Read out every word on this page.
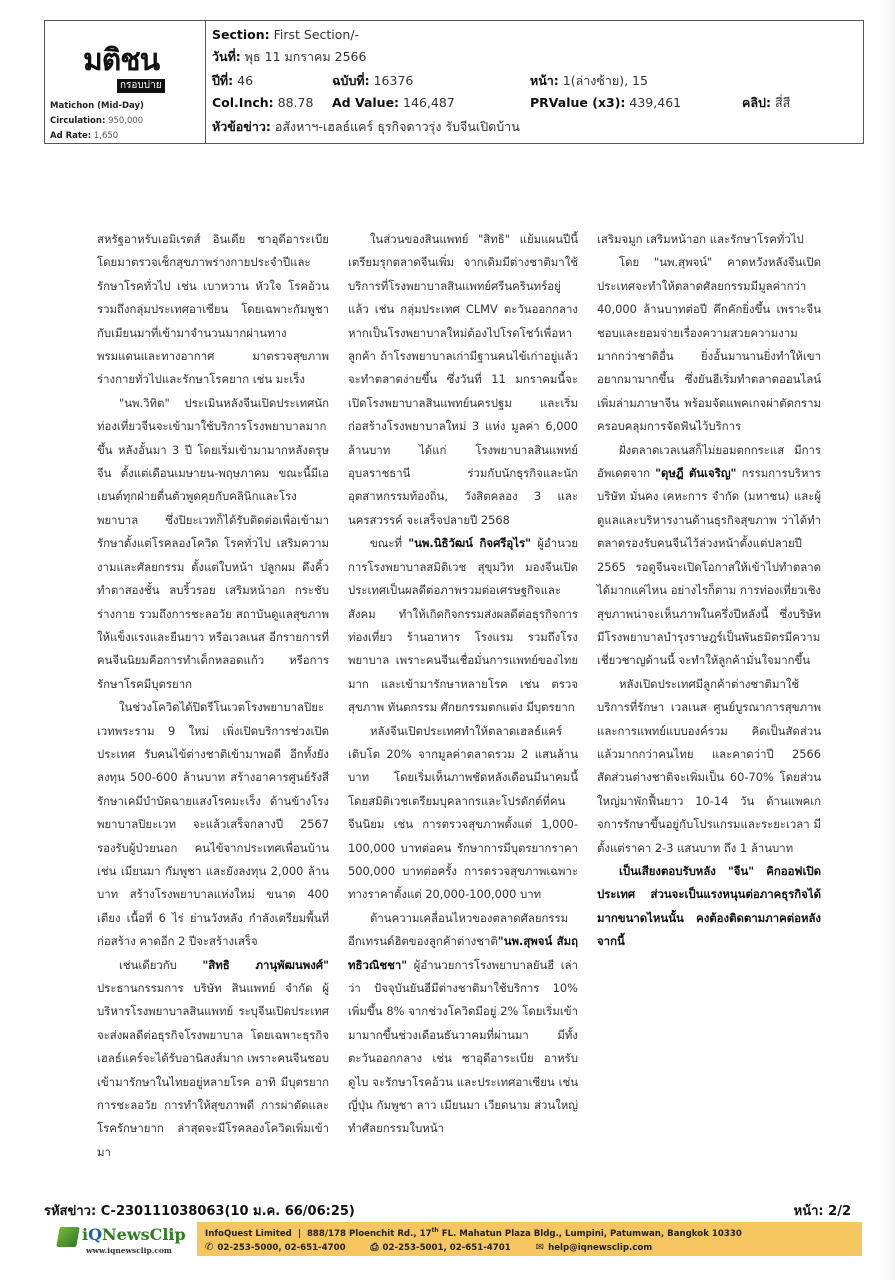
มติชน
กรอบบ่าย
Matichon (Mid-Day)
Circulation: 950,000
Ad Rate: 1,650
Section: First Section/-
วันที่: พุธ 11 มกราคม 2566
ปีที่: 46	ฉบับที่: 16376	หน้า: 1(ล่างซ้าย), 15
Col.Inch: 88.78 Ad Value: 146,487	PRValue (x3): 439,461	คลิป: สี่สี
หัวข้อข่าว: อสังหาฯ-เฮลธ์แคร์ ธุรกิจดาวรุ่ง รับจีนเปิดบ้าน

สหรัฐอาหรับเอมิเรตส์ อินเดีย ซาอุดีอาระเบีย โดยมาตรวจเช็กสุขภาพร่างกายประจำปีและรักษาโรคทั่วไป เช่น เบาหวาน หัวใจ โรคอ้วน รวมถึงกลุ่มประเทศอาเซียน โดยเฉพาะกัมพูชากับเมียนมาที่เข้ามาจำนวนมากผ่านทางพรมแดนและทางอากาศ มาตรวจสุขภาพร่างกายทั่วไปและรักษาโรคยาก เช่น มะเร็ง

"นพ.วิทิต" ประเมินหลังจีนเปิดประเทศนักท่องเที่ยวจีนจะเข้ามาใช้บริการโรงพยาบาลมากขึ้น หลังอั้นมา 3 ปี โดยเริ่มเข้ามามากหลังตรุษจีน ตั้งแต่เดือนเมษายน-พฤษภาคม ขณะนี้มีเอเยนต์ทุกฝ่ายตื่นตัวพูดคุยกับคลินิกและโรงพยาบาล ซึ่งปิยะเวทก็ได้รับติดต่อเพื่อเข้ามารักษาตั้งแต่โรคลองโควิด โรคทั่วไป เสริมความงามและศัลยกรรม ตั้งแต่ใบหน้า ปลูกผม ดึงคิ้ว ทำตาสองชั้น ลบริ้วรอย เสริมหน้าอก กระชับร่างกาย รวมถึงการชะลอวัย สถาบันดูแลสุขภาพให้แข็งแรงและยืนยาว หรือเวลเนส อีกรายการที่คนจีนนิยมคือการทำเด็กหลอดแก้ว หรือการรักษาโรคมีบุตรยาก

ในช่วงโควิดได้ปิดรีโนเวตโรงพยาบาลปิยะเวทพระราม 9 ใหม่ เพิ่งเปิดบริการช่วงเปิดประเทศ รับคนไข้ต่างชาติเข้ามาพอดี อีกทั้งยังลงทุน 500-600 ล้านบาท สร้างอาคารศูนย์รังสีรักษาเคมีบำบัดฉายแสงโรคมะเร็ง ด้านข้างโรงพยาบาลปิยะเวท จะแล้วเสร็จกลางปี 2567 รองรับผู้ป่วยนอก คนไข้จากประเทศเพื่อนบ้าน เช่น เมียนมา กัมพูชา และยังลงทุน 2,000 ล้านบาท สร้างโรงพยาบาลแห่งใหม่ ขนาด 400 เตียง เนื้อที่ 6 ไร่ ย่านวังหลัง กำลังเตรียมพื้นที่ก่อสร้าง คาดอีก 2 ปีจะสร้างเสร็จ

เช่นเดียวกับ "สิทธิ ภานุพัฒนพงศ์" ประธานกรรมการ บริษัท สินแพทย์ จำกัด ผู้บริหารโรงพยาบาลสินแพทย์ ระบุจีนเปิดประเทศจะส่งผลดีต่อธุรกิจโรงพยาบาล โดยเฉพาะธุรกิจเฮลธ์แคร์จะได้รับอานิสงส์มาก เพราะคนจีนชอบเข้ามารักษาในไทยอยู่หลายโรค อาทิ มีบุตรยาก การชะลอวัย การทำให้สุขภาพดี การผ่าตัดและโรครักษายาก ล่าสุดจะมีโรคลองโควิดเพิ่มเข้ามา

ในส่วนของสินแพทย์ "สิทธิ" แย้มแผนปีนี้เตรียมรุกตลาดจีนเพิ่ม จากเดิมมีต่างชาติมาใช้บริการที่โรงพยาบาลสินแพทย์ศรีนครินทร์อยู่แล้ว เช่น กลุ่มประเทศ CLMV ตะวันออกกลาง หากเป็นโรงพยาบาลใหม่ต้องไปโรดโชว์เพื่อหาลูกค้า ถ้าโรงพยาบาลเก่ามีฐานคนไข้เก่าอยู่แล้วจะทำตลาดง่ายขึ้น ซึ่งวันที่ 11 มกราคมนี้จะเปิดโรงพยาบาลสินแพทย์นครปฐม และเริ่มก่อสร้างโรงพยาบาลใหม่ 3 แห่ง มูลค่า 6,000 ล้านบาท ได้แก่ โรงพยาบาลสินแพทย์อุบลราชธานี ร่วมกับนักธุรกิจและนักอุตสาหกรรมท้องถิ่น, วังสิตคลอง 3 และนครสวรรค์ จะเสร็จปลายปี 2568

ขณะที่ "นพ.นิธิวัฒน์ กิจศรีอุไร" ผู้อำนวยการโรงพยาบาลสมิติเวช สุขุมวิท มองจีนเปิดประเทศเป็นผลดีต่อภาพรวมต่อเศรษฐกิจและสังคม ทำให้เกิดกิจกรรมส่งผลดีต่อธุรกิจการท่องเที่ยว ร้านอาหาร โรงแรม รวมถึงโรงพยาบาล เพราะคนจีนเชื่อมั่นการแพทย์ของไทยมาก และเข้ามารักษาหลายโรค เช่น ตรวจสุขภาพ ทันตกรรม ศักยกรรมตกแต่ง มีบุตรยาก

หลังจีนเปิดประเทศทำให้ตลาดเฮลธ์แคร์เติบโต 20% จากมูลค่าตลาดรวม 2 แสนล้านบาท โดยเริ่มเห็นภาพชัดหลังเดือนมีนาคมนี้ โดยสมิติเวชเตรียมบุคลากรและโปรดักต์ที่คนจีนนิยม เช่น การตรวจสุขภาพตั้งแต่ 1,000-100,000 บาทต่อคน รักษาการมีบุตรยากราคา 500,000 บาทต่อครั้ง การตรวจสุขภาพเฉพาะทางราคาตั้งแต่ 20,000-100,000 บาท

ด้านความเคลื่อนไหวของตลาดศัลยกรรมอีกเทรนด์ฮิตของลูกค้าต่างชาติ"นพ.สุพจน์ สัมฤทธิวณิชชา" ผู้อำนวยการโรงพยาบาลยันฮี เล่าว่า ปัจจุบันยันฮีมีต่างชาติมาใช้บริการ 10% เพิ่มขึ้น 8% จากช่วงโควิดมีอยู่ 2% โดยเริ่มเข้ามามากขึ้นช่วงเดือนธันวาคมที่ผ่านมา มีทั้งตะวันออกกลาง เช่น ซาอุดีอาระเบีย อาหรับ ดูไบ จะรักษาโรคอ้วน และประเทศอาเซียน เช่น ญี่ปุ่น กัมพูชา ลาว เมียนมา เวียดนาม ส่วนใหญ่ทำศัลยกรรมใบหน้า

เสริมจมูก เสริมหน้าอก และรักษาโรคทั่วไป

โดย "นพ.สุพจน์" คาดหวังหลังจีนเปิดประเทศจะทำให้ตลาดศัลยกรรมมีมูลค่ากว่า 40,000 ล้านบาทต่อปี คึกคักยิ่งขึ้น เพราะจีนชอบและยอมจ่ายเรื่องความสวยความงามมากกว่าชาติอื่น ยิ่งอั้นมานานยิ่งทำให้เขาอยากมามากขึ้น ซึ่งยันฮีเริ่มทำตลาดออนไลน์ เพิ่มล่ามภาษาจีน พร้อมจัดแพคเกจผ่าตัดกรามครอบคลุมการจัดฟันไว้บริการ

ฝั่งตลาดเวลเนสก็ไม่ยอมตกกระแส มีการอัพเดตจาก "ดุษฎี ตันเจริญ" กรรมการบริหาร บริษัท มั่นคง เคหะการ จำกัด (มหาชน) และผู้ดูแลและบริหารงานด้านธุรกิจสุขภาพ ว่าได้ทำตลาดรองรับคนจีนไว้ล่วงหน้าตั้งแต่ปลายปี 2565 รอดูจีนจะเปิดโอกาสให้เข้าไปทำตลาดได้มากแค่ไหน อย่างไรก็ตาม การท่องเที่ยวเชิงสุขภาพน่าจะเห็นภาพในครึ่งปีหลังนี้ ซึ่งบริษัทมีโรงพยาบาลบำรุงราษฎร์เป็นพันธมิตรมีความเชี่ยวชาญด้านนี้ จะทำให้ลูกค้ามั่นใจมากขึ้น

หลังเปิดประเทศมีลูกค้าต่างชาติมาใช้บริการที่รักษา เวลเนส ศูนย์บูรณาการสุขภาพและการแพทย์แบบองค์รวม คิดเป็นสัดส่วนแล้วมากกว่าคนไทย และคาดว่าปี 2566 สัดส่วนต่างชาติจะเพิ่มเป็น 60-70% โดยส่วนใหญ่มาพักฟื้นยาว 10-14 วัน ด้านแพคเกจการรักษาขึ้นอยู่กับโปรแกรมและระยะเวลา มีตั้งแต่ราคา 2-3 แสนบาท ถึง 1 ล้านบาท

เป็นเสียงตอบรับหลัง "จีน" คิกออฟเปิดประเทศ ส่วนจะเป็นแรงหนุนต่อภาคธุรกิจได้มากขนาดไหนนั้น คงต้องติดตามภาคต่อหลังจากนี้

รหัสข่าว: C-230111038063(10 ม.ค. 66/06:25)	หน้า: 2/2
iQNewsClip
www.iqnewsclip.com
InfoQuest Limited  |  888/178 Ploenchit Rd., 17th FL. Mahatun Plaza Bldg., Lumpini, Patumwan, Bangkok 10330
✆ 02-253-5000, 02-651-4700	⎙ 02-253-5001, 02-651-4701	✉ help@iqnewsclip.com
